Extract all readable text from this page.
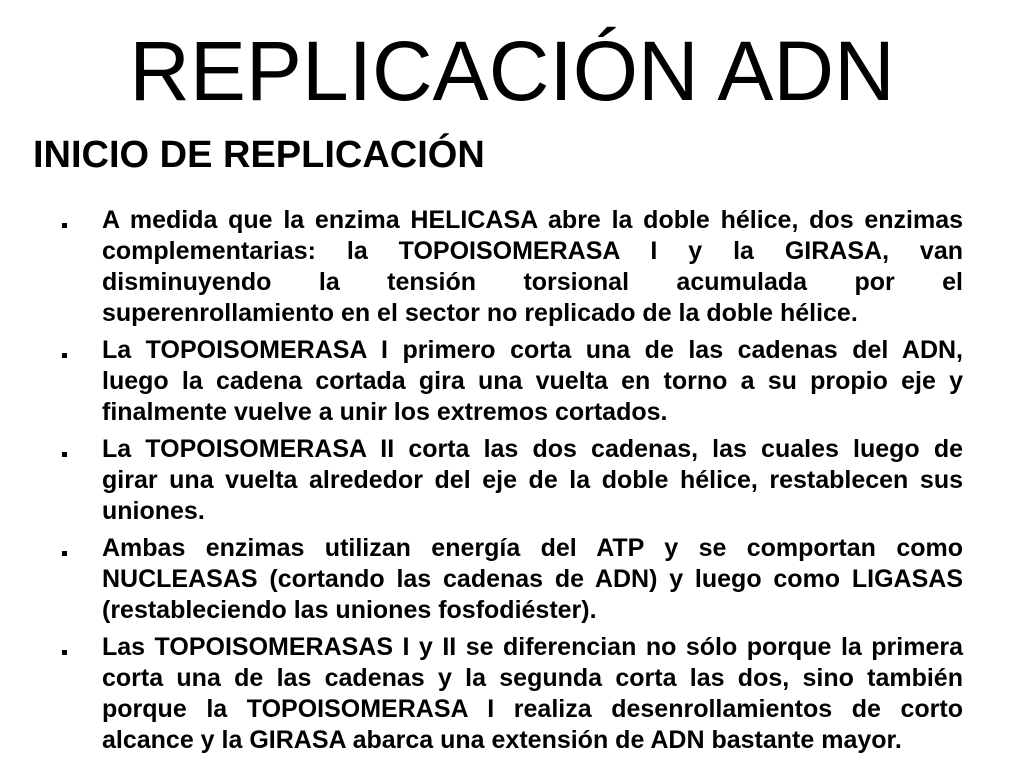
REPLICACIÓN ADN
INICIO DE REPLICACIÓN
A medida que la enzima HELICASA abre la doble hélice, dos enzimas
complementarias: la TOPOISOMERASA I y la GIRASA, van
disminuyendo la tensión torsional acumulada por el
superenrollamiento en el sector no replicado de la doble hélice.
La TOPOISOMERASA I primero corta una de las cadenas del ADN,
luego la cadena cortada gira una vuelta en torno a su propio eje y
finalmente vuelve a unir los extremos cortados.
La TOPOISOMERASA II corta las dos cadenas, las cuales luego de
girar una vuelta alrededor del eje de la doble hélice, restablecen sus
uniones.
Ambas enzimas utilizan energía del ATP y se comportan como
NUCLEASAS (cortando las cadenas de ADN) y luego como LIGASAS
(restableciendo las uniones fosfodiéster).
Las TOPOISOMERASAS I y II se diferencian no sólo porque la primera
corta una de las cadenas y la segunda corta las dos, sino también
porque la TOPOISOMERASA I realiza desenrollamientos de corto
alcance y la GIRASA abarca una extensión de ADN bastante mayor.
